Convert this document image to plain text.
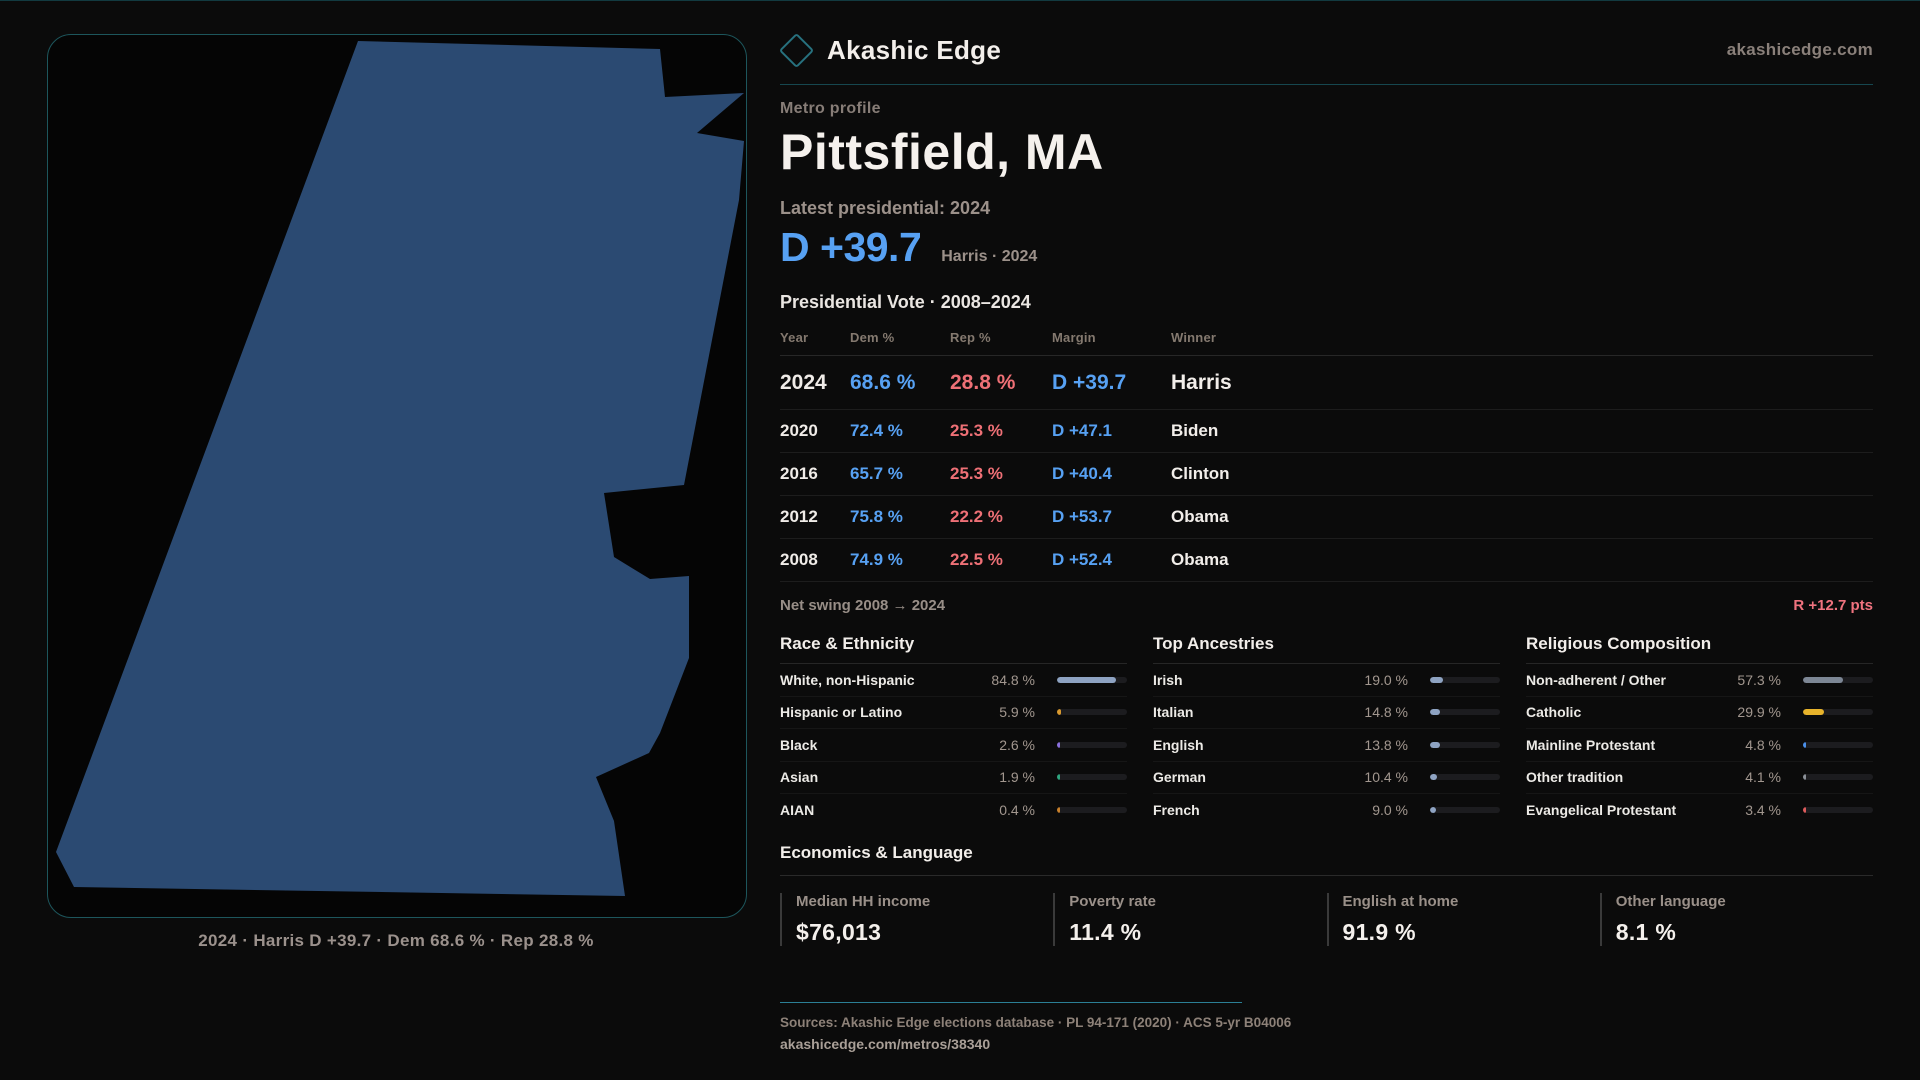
2024 · Harris D +39.7 · Dem 68.6 % · Rep 28.8 %
Akashic Edge	akashicedge.com
Metro profile
Pittsfield, MA
Latest presidential: 2024
D +39.7 Harris · 2024
Presidential Vote · 2008–2024
Year	Dem %	Rep %	Margin	Winner
2024	68.6 %	28.8 %	D +39.7	Harris
2020	72.4 %	25.3 %	D +47.1	Biden
2016	65.7 %	25.3 %	D +40.4	Clinton
2012	75.8 %	22.2 %	D +53.7	Obama
2008	74.9 %	22.5 %	D +52.4	Obama
Net swing 2008 → 2024	R +12.7 pts
Race & Ethnicity
White, non-Hispanic	84.8 %
Hispanic or Latino	5.9 %
Black	2.6 %
Asian	1.9 %
AIAN	0.4 %
Top Ancestries
Irish	19.0 %
Italian	14.8 %
English	13.8 %
German	10.4 %
French	9.0 %
Religious Composition
Non-adherent / Other	57.3 %
Catholic	29.9 %
Mainline Protestant	4.8 %
Other tradition	4.1 %
Evangelical Protestant	3.4 %
Economics & Language
Median HH income
$76,013
Poverty rate
11.4 %
English at home
91.9 %
Other language
8.1 %
Sources: Akashic Edge elections database · PL 94-171 (2020) · ACS 5-yr B04006
akashicedge.com/metros/38340
